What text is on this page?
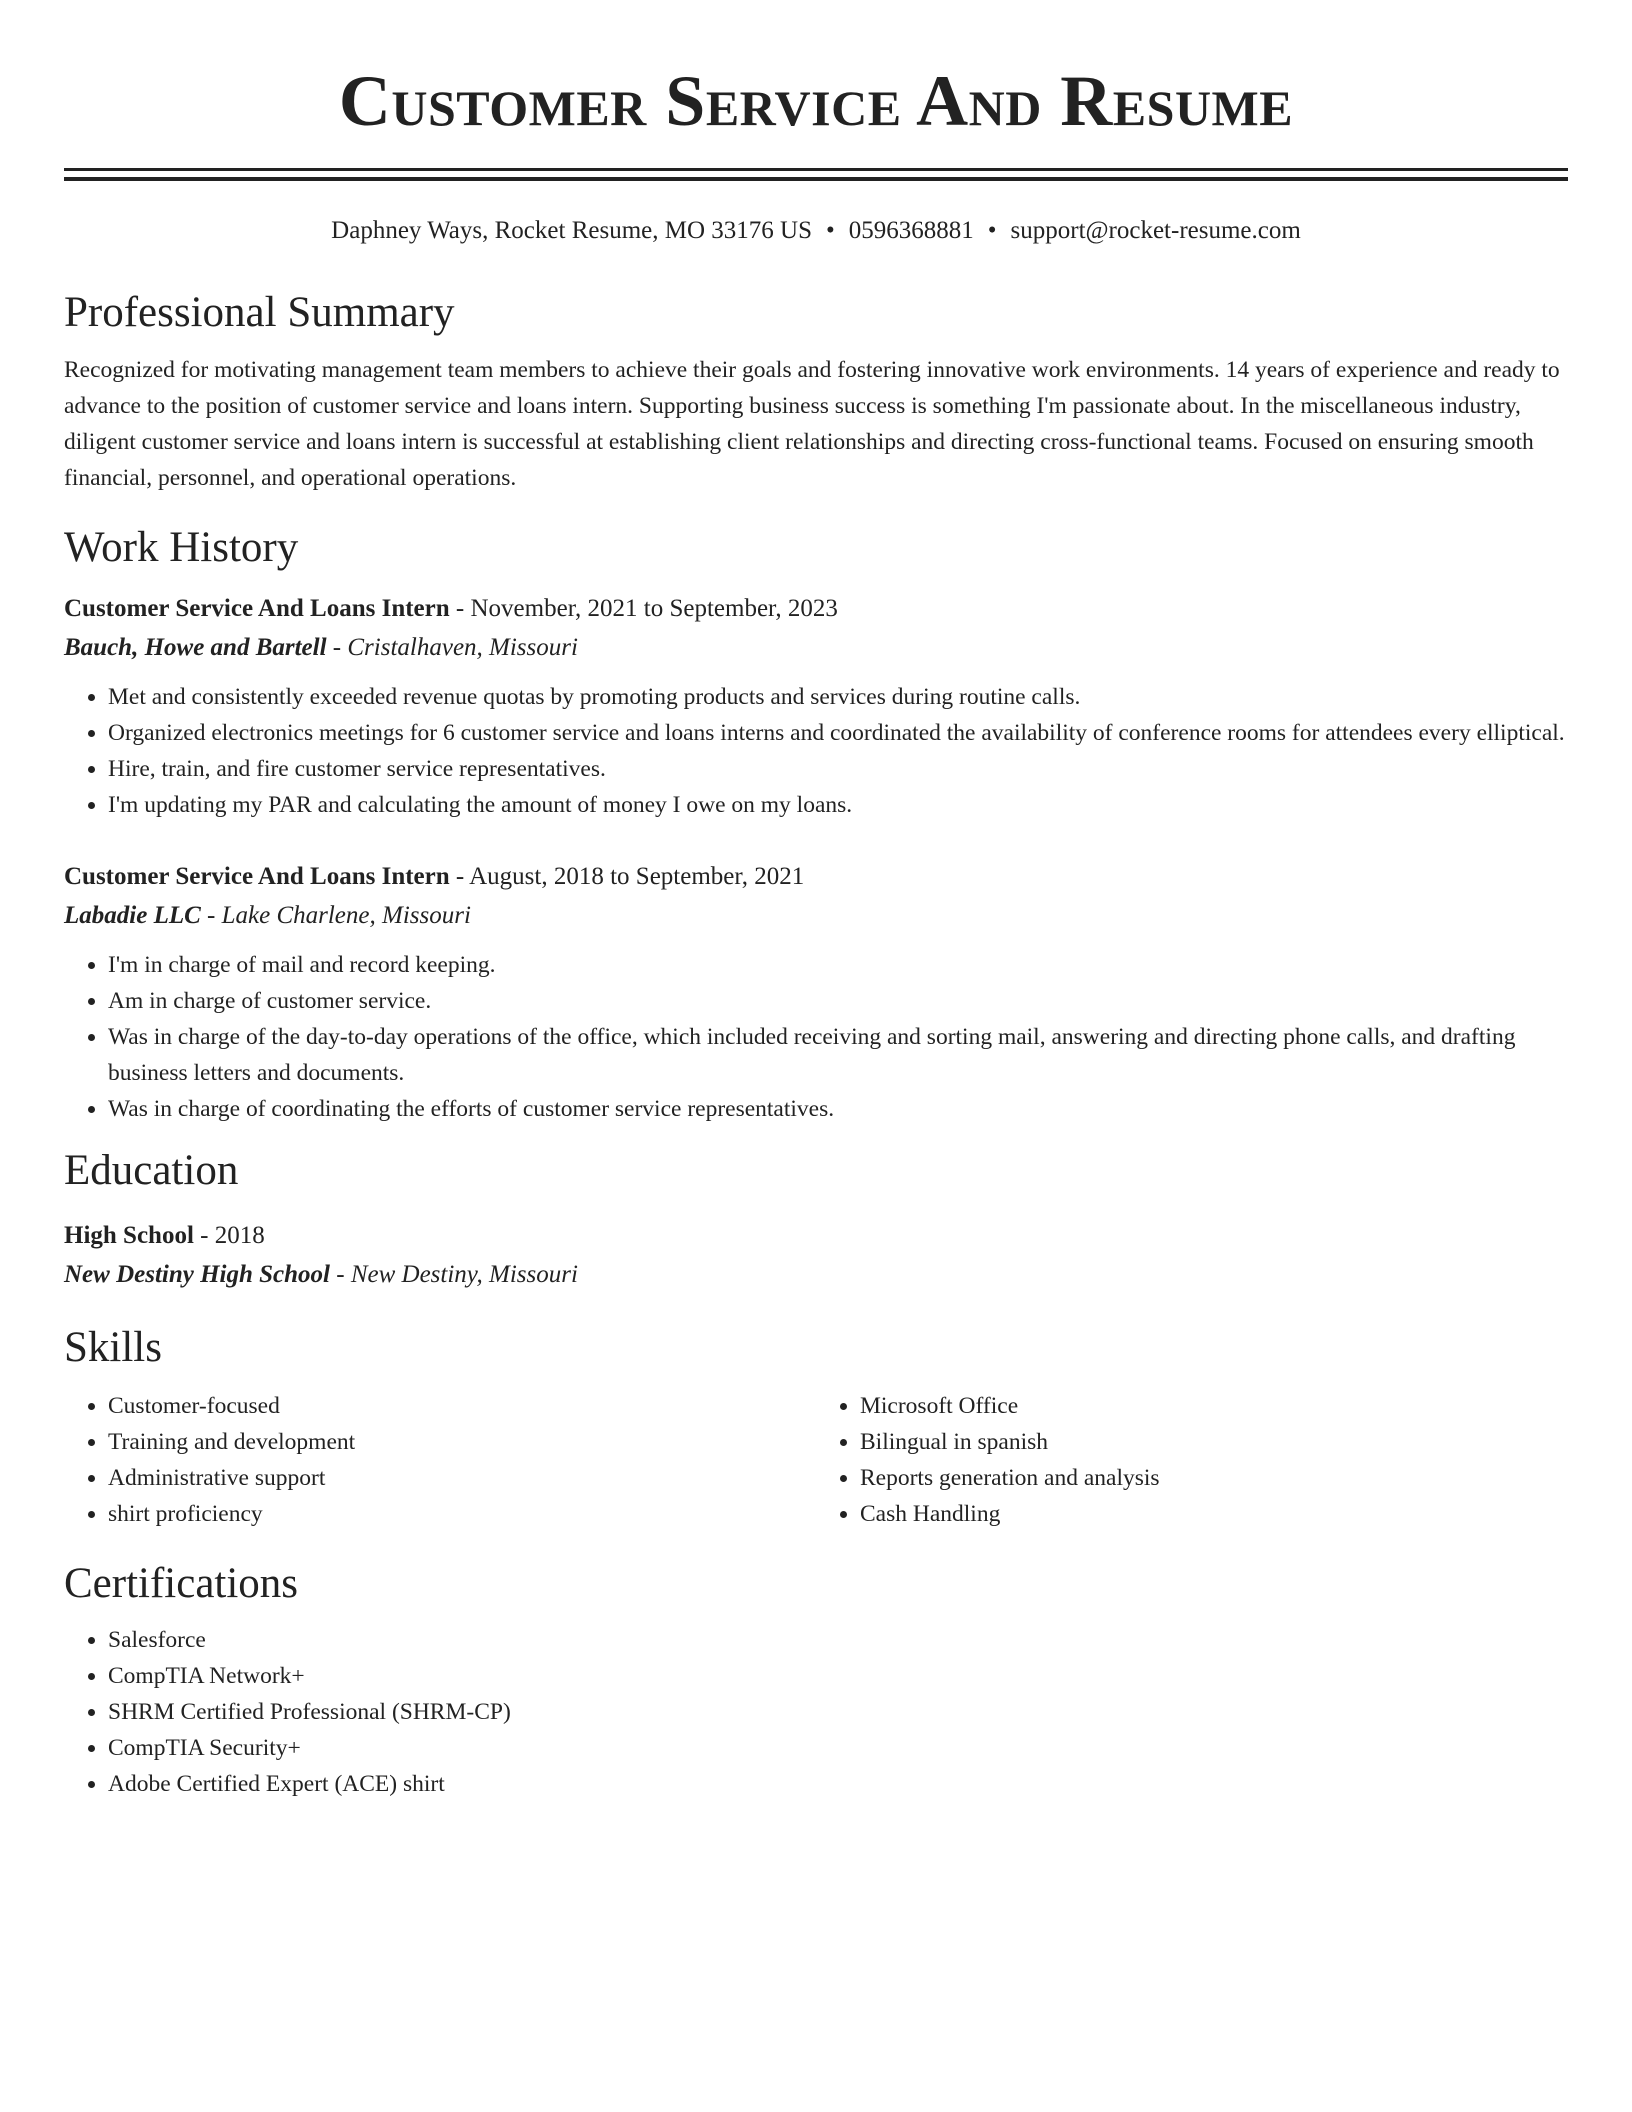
Customer Service And Resume
Daphney Ways, Rocket Resume, MO 33176 US • 0596368881 • support@rocket-resume.com
Professional Summary
Recognized for motivating management team members to achieve their goals and fostering innovative work environments. 14 years of experience and ready to advance to the position of customer service and loans intern. Supporting business success is something I'm passionate about. In the miscellaneous industry, diligent customer service and loans intern is successful at establishing client relationships and directing cross-functional teams. Focused on ensuring smooth financial, personnel, and operational operations.
Work History
Customer Service And Loans Intern - November, 2021 to September, 2023
Bauch, Howe and Bartell - Cristalhaven, Missouri
• Met and consistently exceeded revenue quotas by promoting products and services during routine calls.
• Organized electronics meetings for 6 customer service and loans interns and coordinated the availability of conference rooms for attendees every elliptical.
• Hire, train, and fire customer service representatives.
• I'm updating my PAR and calculating the amount of money I owe on my loans.
Customer Service And Loans Intern - August, 2018 to September, 2021
Labadie LLC - Lake Charlene, Missouri
• I'm in charge of mail and record keeping.
• Am in charge of customer service.
• Was in charge of the day-to-day operations of the office, which included receiving and sorting mail, answering and directing phone calls, and drafting business letters and documents.
• Was in charge of coordinating the efforts of customer service representatives.
Education
High School - 2018
New Destiny High School - New Destiny, Missouri
Skills
• Customer-focused
• Training and development
• Administrative support
• shirt proficiency
• Microsoft Office
• Bilingual in spanish
• Reports generation and analysis
• Cash Handling
Certifications
• Salesforce
• CompTIA Network+
• SHRM Certified Professional (SHRM-CP)
• CompTIA Security+
• Adobe Certified Expert (ACE) shirt
